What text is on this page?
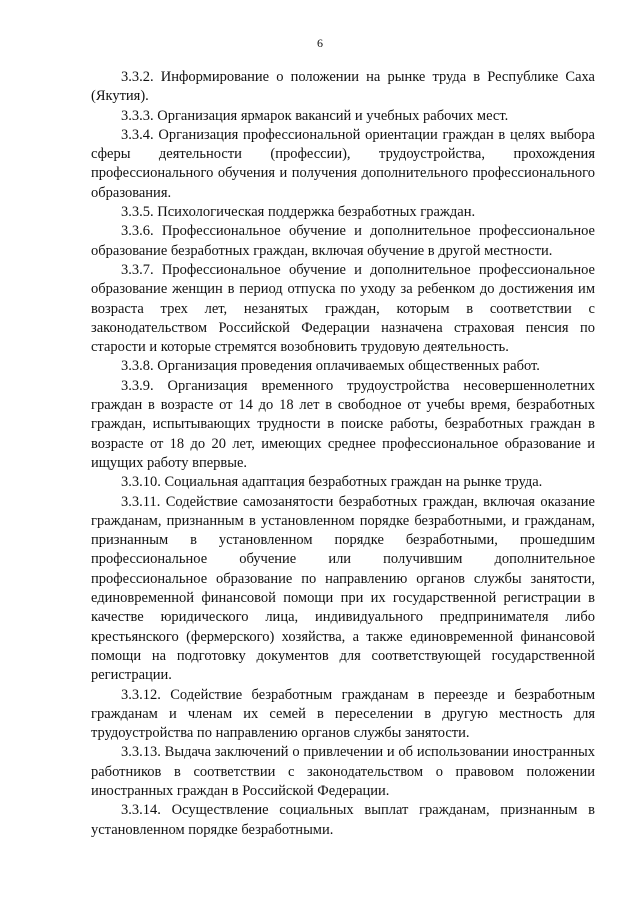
6

3.3.2. Информирование о положении на рынке труда в Республике Саха (Якутия).

3.3.3. Организация ярмарок вакансий и учебных рабочих мест.

3.3.4. Организация профессиональной ориентации граждан в целях выбора сферы деятельности (профессии), трудоустройства, прохождения профессионального обучения и получения дополнительного профессионального образования.

3.3.5. Психологическая поддержка безработных граждан.

3.3.6. Профессиональное обучение и дополнительное профессиональное образование безработных граждан, включая обучение в другой местности.

3.3.7. Профессиональное обучение и дополнительное профессиональное образование женщин в период отпуска по уходу за ребенком до достижения им возраста трех лет, незанятых граждан, которым в соответствии с законодательством Российской Федерации назначена страховая пенсия по старости и которые стремятся возобновить трудовую деятельность.

3.3.8. Организация проведения оплачиваемых общественных работ.

3.3.9. Организация временного трудоустройства несовершеннолетних граждан в возрасте от 14 до 18 лет в свободное от учебы время, безработных граждан, испытывающих трудности в поиске работы, безработных граждан в возрасте от 18 до 20 лет, имеющих среднее профессиональное образование и ищущих работу впервые.

3.3.10. Социальная адаптация безработных граждан на рынке труда.

3.3.11. Содействие самозанятости безработных граждан, включая оказание гражданам, признанным в установленном порядке безработными, и гражданам, признанным в установленном порядке безработными, прошедшим профессиональное обучение или получившим дополнительное профессиональное образование по направлению органов службы занятости, единовременной финансовой помощи при их государственной регистрации в качестве юридического лица, индивидуального предпринимателя либо крестьянского (фермерского) хозяйства, а также единовременной финансовой помощи на подготовку документов для соответствующей государственной регистрации.

3.3.12. Содействие безработным гражданам в переезде и безработным гражданам и членам их семей в переселении в другую местность для трудоустройства по направлению органов службы занятости.

3.3.13. Выдача заключений о привлечении и об использовании иностранных работников в соответствии с законодательством о правовом положении иностранных граждан в Российской Федерации.

3.3.14. Осуществление социальных выплат гражданам, признанным в установленном порядке безработными.
